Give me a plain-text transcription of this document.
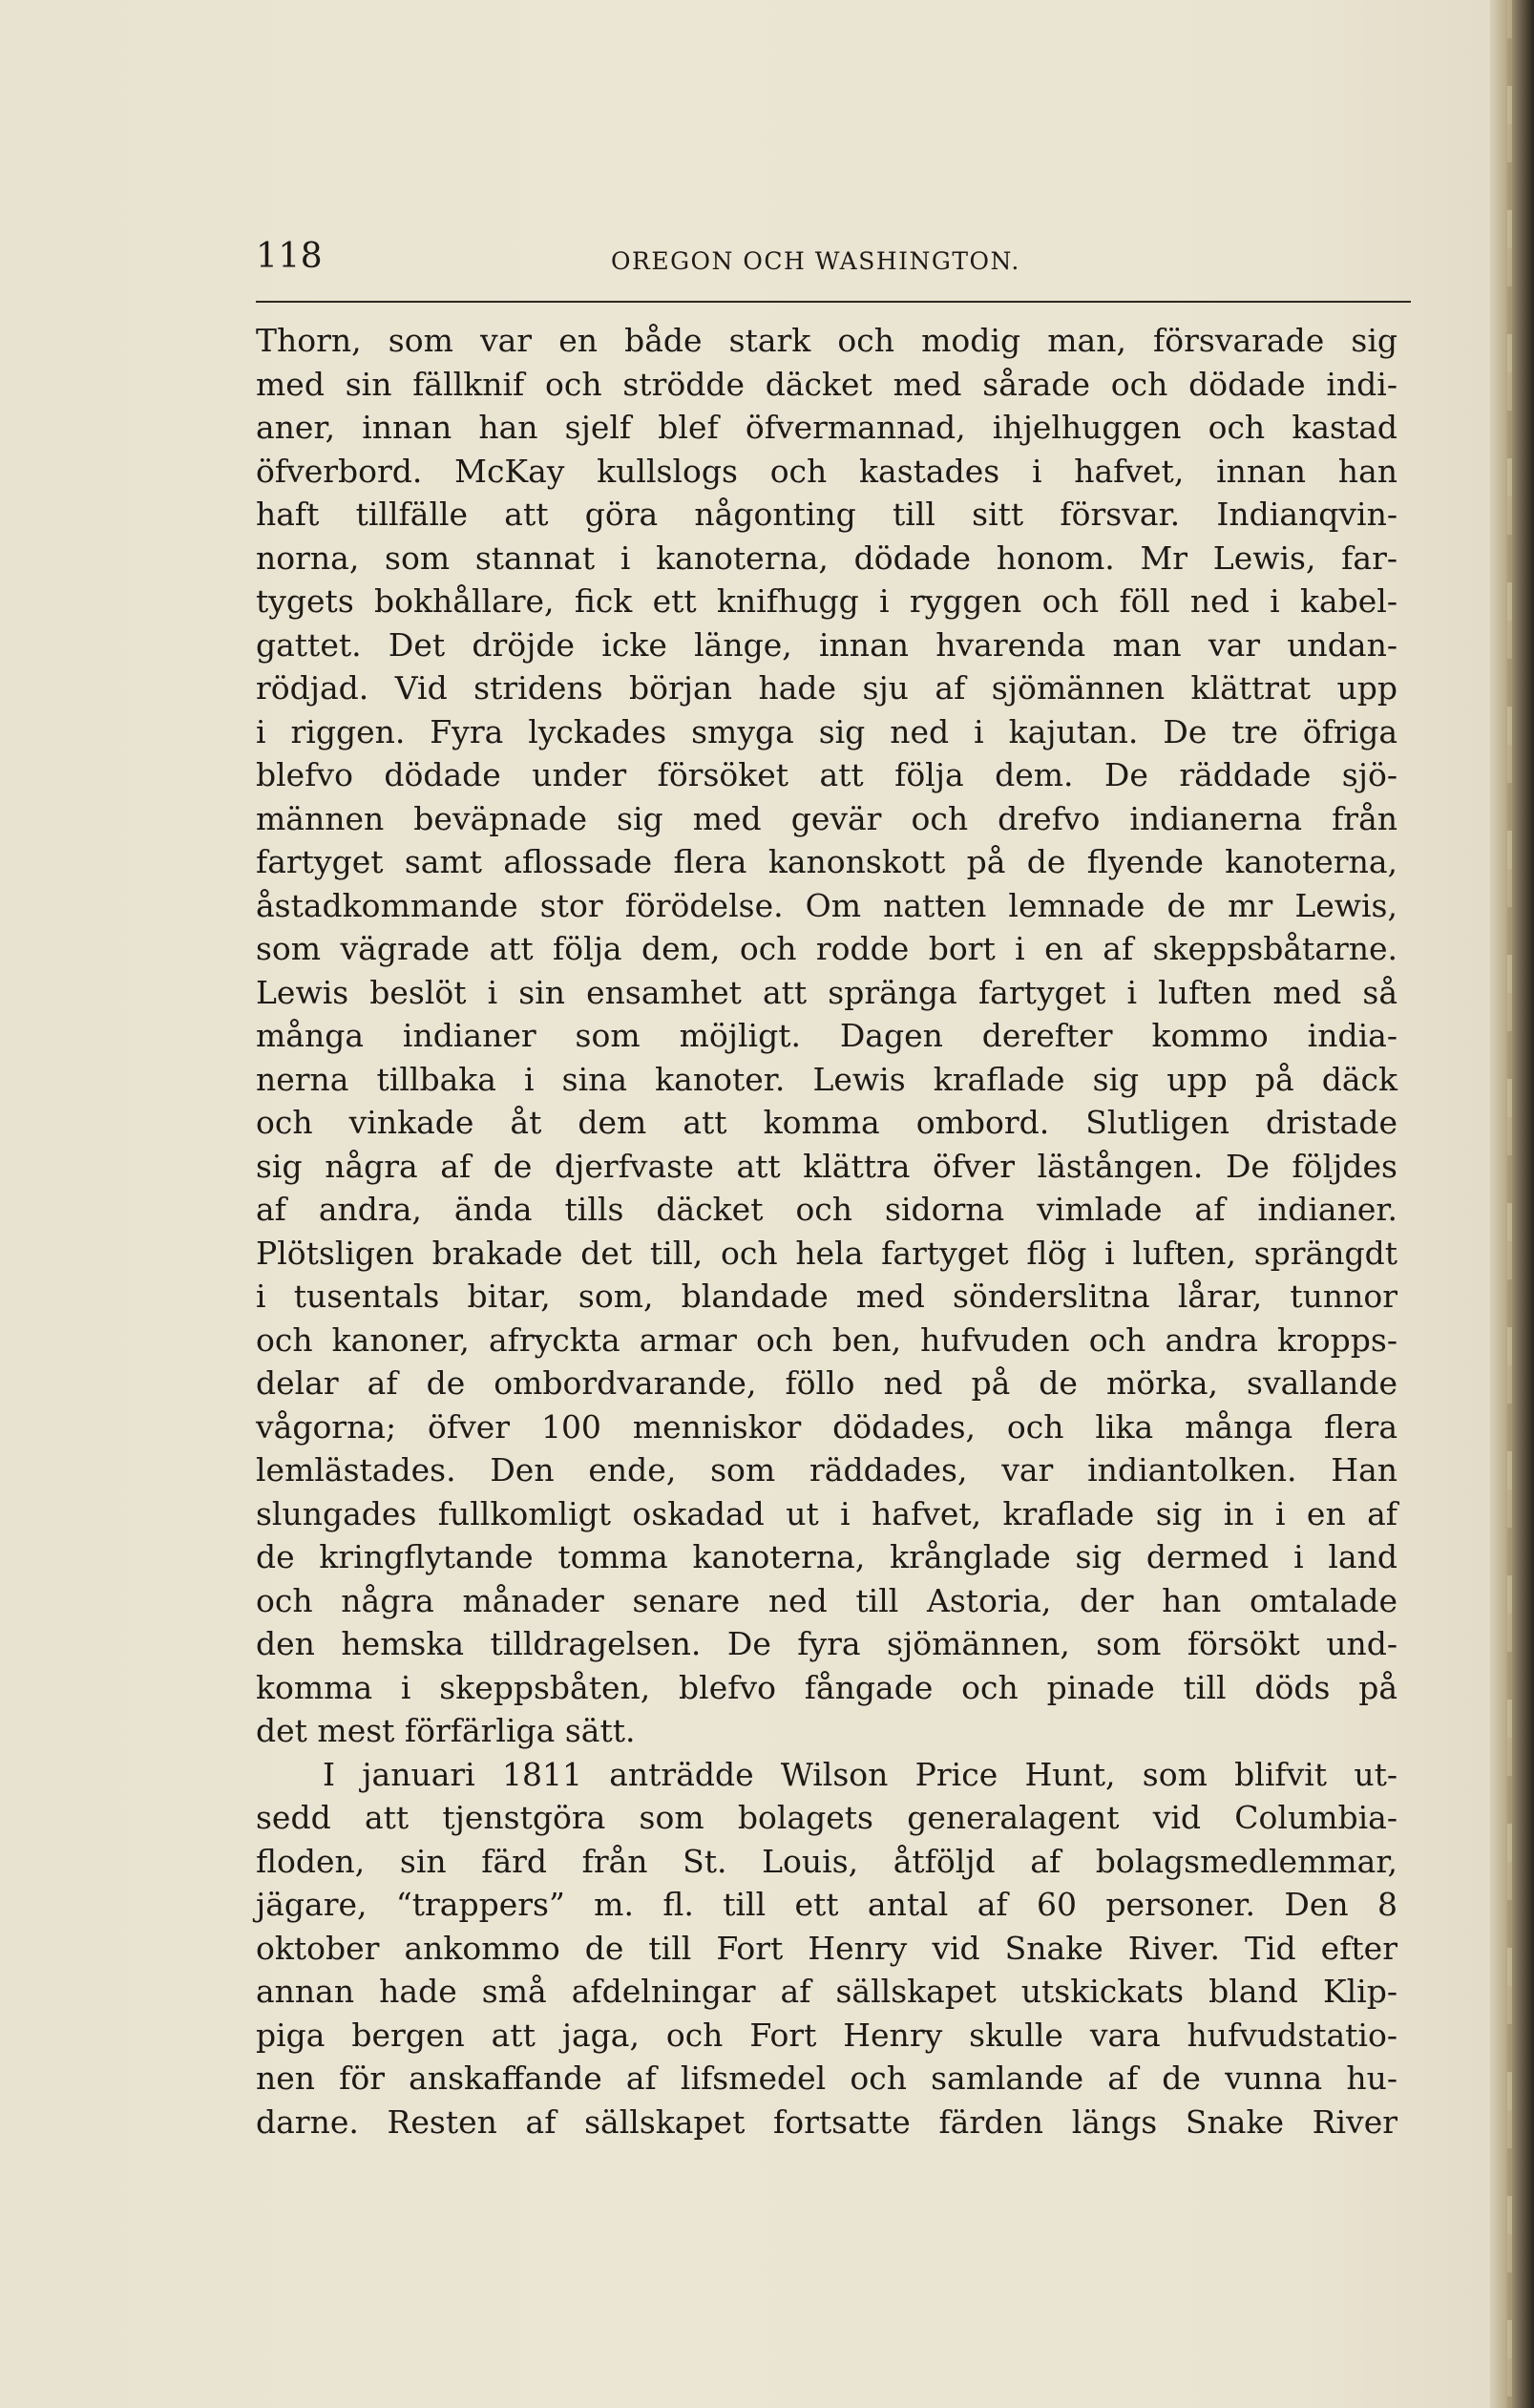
118	OREGON OCH WASHINGTON.
Thorn, som var en både stark och modig man, försvarade sig
med sin fällknif och strödde däcket med sårade och dödade indi-
aner, innan han sjelf blef öfvermannad, ihjelhuggen och kastad
öfverbord. McKay kullslogs och kastades i hafvet, innan han
haft tillfälle att göra någonting till sitt försvar. Indianqvin-
norna, som stannat i kanoterna, dödade honom. Mr Lewis, far-
tygets bokhållare, fick ett knifhugg i ryggen och föll ned i kabel-
gattet. Det dröjde icke länge, innan hvarenda man var undan-
rödjad. Vid stridens början hade sju af sjömännen klättrat upp
i riggen. Fyra lyckades smyga sig ned i kajutan. De tre öfriga
blefvo dödade under försöket att följa dem. De räddade sjö-
männen beväpnade sig med gevär och drefvo indianerna från
fartyget samt aflossade flera kanonskott på de flyende kanoterna,
åstadkommande stor förödelse. Om natten lemnade de mr Lewis,
som vägrade att följa dem, och rodde bort i en af skeppsbåtarne.
Lewis beslöt i sin ensamhet att spränga fartyget i luften med så
många indianer som möjligt. Dagen derefter kommo india-
nerna tillbaka i sina kanoter. Lewis kraflade sig upp på däck
och vinkade åt dem att komma ombord. Slutligen dristade
sig några af de djerfvaste att klättra öfver lästången. De följdes
af andra, ända tills däcket och sidorna vimlade af indianer.
Plötsligen brakade det till, och hela fartyget flög i luften, sprängdt
i tusentals bitar, som, blandade med sönderslitna lårar, tunnor
och kanoner, afryckta armar och ben, hufvuden och andra kropps-
delar af de ombordvarande, föllo ned på de mörka, svallande
vågorna; öfver 100 menniskor dödades, och lika många flera
lemlästades. Den ende, som räddades, var indiantolken. Han
slungades fullkomligt oskadad ut i hafvet, kraflade sig in i en af
de kringflytande tomma kanoterna, krånglade sig dermed i land
och några månader senare ned till Astoria, der han omtalade
den hemska tilldragelsen. De fyra sjömännen, som försökt und-
komma i skeppsbåten, blefvo fångade och pinade till döds på
det mest förfärliga sätt.
I januari 1811 anträdde Wilson Price Hunt, som blifvit ut-
sedd att tjenstgöra som bolagets generalagent vid Columbia-
floden, sin färd från St. Louis, åtföljd af bolagsmedlemmar,
jägare, “trappers” m. fl. till ett antal af 60 personer. Den 8
oktober ankommo de till Fort Henry vid Snake River. Tid efter
annan hade små afdelningar af sällskapet utskickats bland Klip-
piga bergen att jaga, och Fort Henry skulle vara hufvudstatio-
nen för anskaffande af lifsmedel och samlande af de vunna hu-
darne. Resten af sällskapet fortsatte färden längs Snake River
